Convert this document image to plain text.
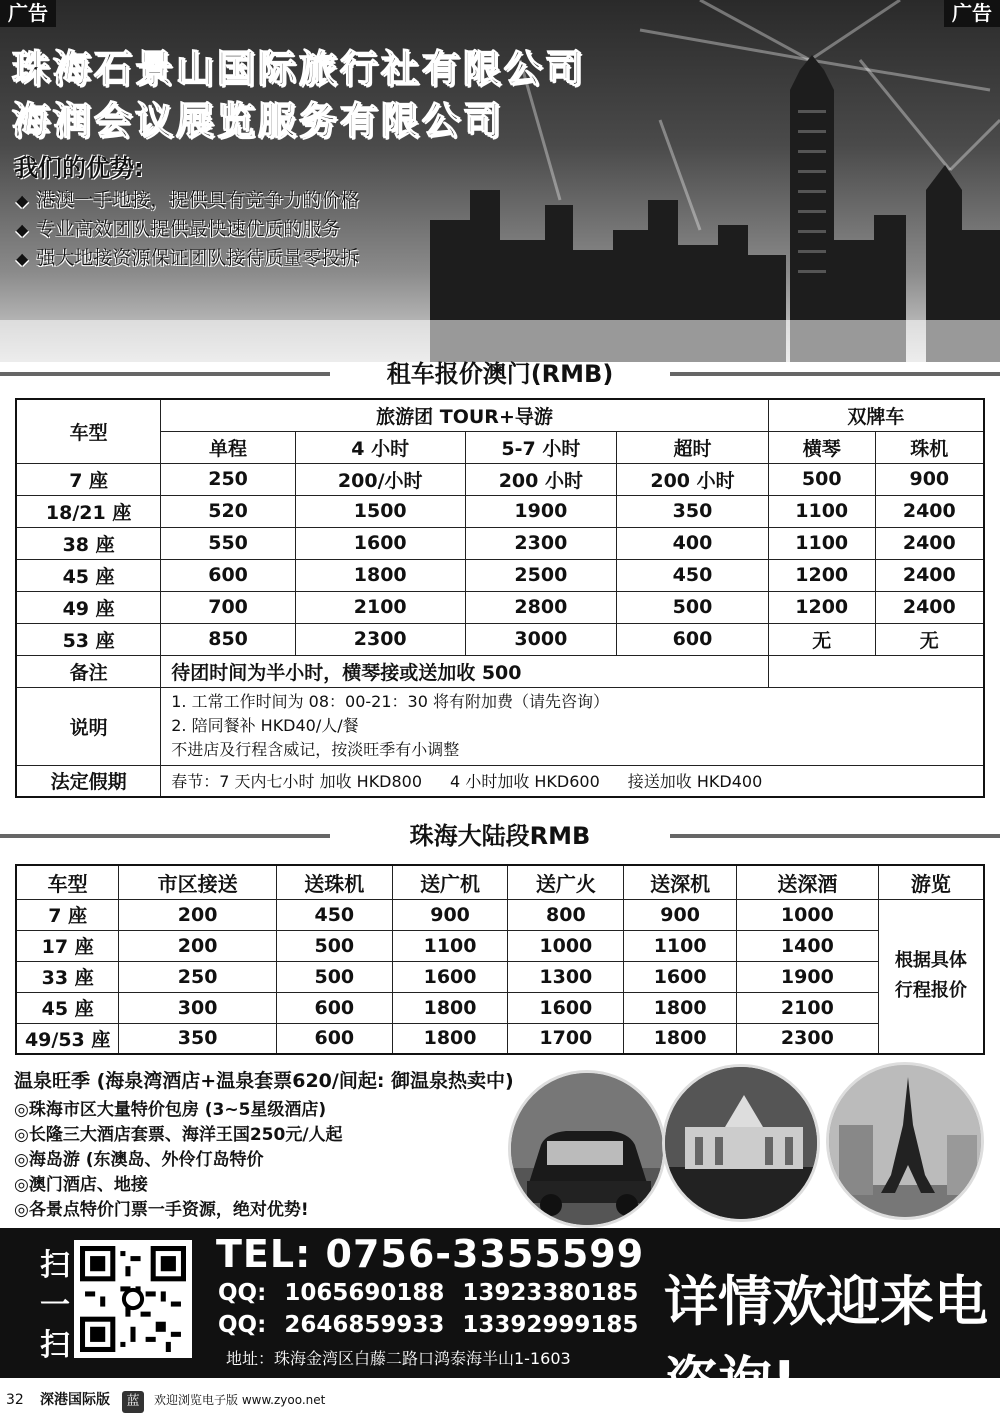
广告	广告
珠海石景山国际旅行社有限公司
海润会议展览服务有限公司
我们的优势:
◆ 港澳一手地接，提供具有竞争力的价格
◆ 专业高效团队提供最快速优质的服务
◆ 强大地接资源保证团队接待质量零投拆
租车报价澳门(RMB)
车型	旅游团 TOUR+导游				双牌车	
	单程	4 小时	5-7 小时	超时	横琴	珠机
7 座	250	200/小时	200 小时	200 小时	500	900
18/21 座	520	1500	1900	350	1100	2400
38 座	550	1600	2300	400	1100	2400
45 座	600	1800	2500	450	1200	2400
49 座	700	2100	2800	500	1200	2400
53 座	850	2300	3000	600	无	无
备注	待团时间为半小时，横琴接或送加收 500					
说明	1. 工常工作时间为 08：00-21：30 将有附加费（请先咨询）
2. 陪同餐补 HKD40/人/餐
不进店及行程含威记，按淡旺季有小调整					

法定假期	春节：7 天内七小时 加收 HKD800 4 小时加收 HKD600 接送加收 HKD400					
珠海大陆段RMB
车型	市区接送	送珠机	送广机	送广火	送深机	送深酒	游览
7 座	200	450	900	800	900	1000	根据具体
行程报价

17 座	200	500	1100	1000	1100	1400	
33 座	250	500	1600	1300	1600	1900	
45 座	300	600	1800	1600	1800	2100	
49/53 座	350	600	1800	1700	1800	2300	
温泉旺季 (海泉湾酒店+温泉套票620/间起: 御温泉热卖中)
◎珠海市区大量特价包房 (3~5星级酒店)
◎长隆三大酒店套票、海洋王国250元/人起
◎海岛游 (东澳岛、外伶仃岛特价
◎澳门酒店、地接
◎各景点特价门票一手资源，绝对优势!
扫
一
扫
TEL: 0756-3355599
QQ: 1065690188 13923380185
QQ: 2646859933 13392999185
地址：珠海金湾区白藤二路口鸿泰海半山1-1603
详情欢迎来电咨询!
32 深港国际版	蓝	欢迎浏览电子版 www.zyoo.net
